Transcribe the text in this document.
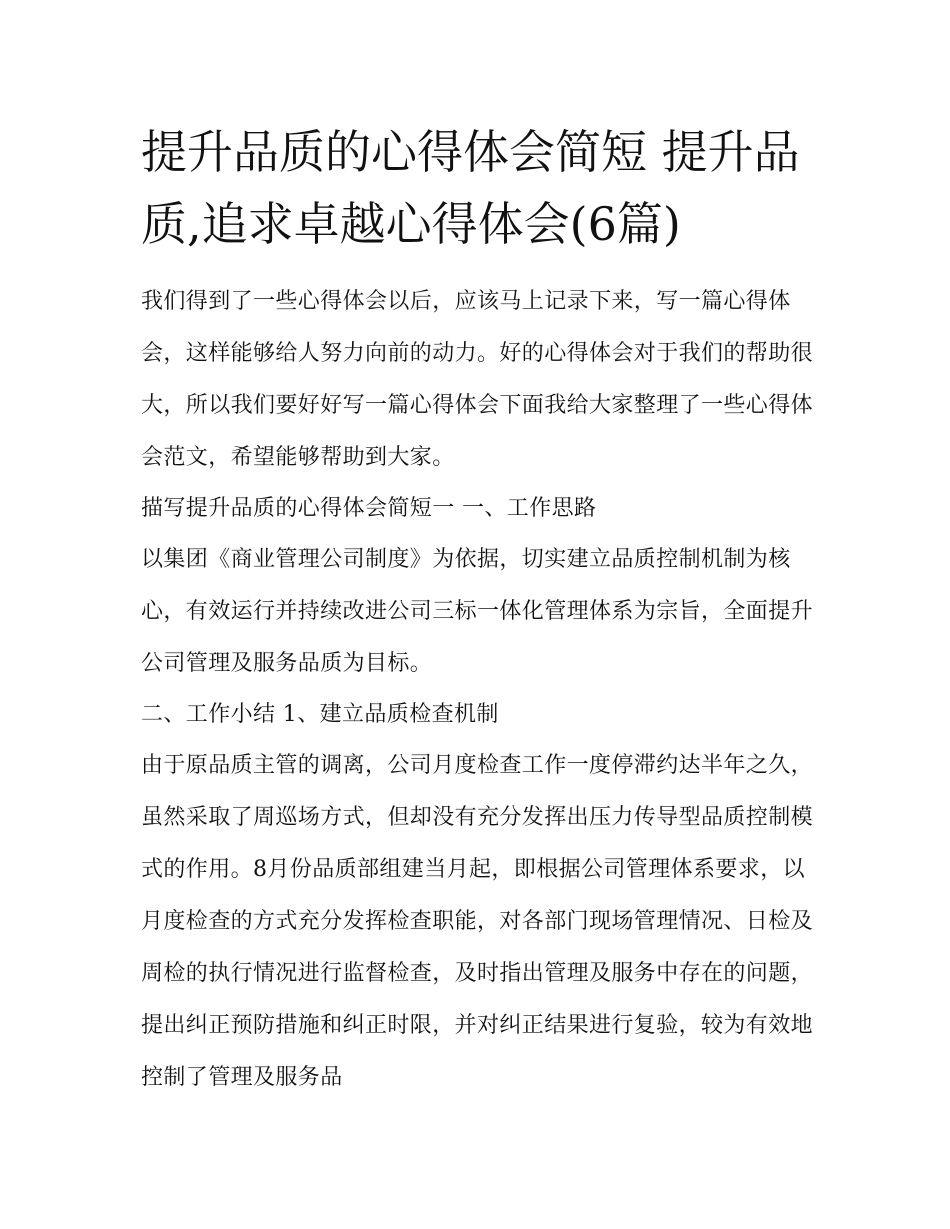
提升品质的心得体会简短 提升品质,追求卓越心得体会(6篇)

我们得到了一些心得体会以后，应该马上记录下来，写一篇心得体会，这样能够给人努力向前的动力。好的心得体会对于我们的帮助很大，所以我们要好好写一篇心得体会下面我给大家整理了一些心得体会范文，希望能够帮助到大家。

描写提升品质的心得体会简短一 一、工作思路

以集团《商业管理公司制度》为依据，切实建立品质控制机制为核心，有效运行并持续改进公司三标一体化管理体系为宗旨，全面提升公司管理及服务品质为目标。

二、工作小结 1、建立品质检查机制

由于原品质主管的调离，公司月度检查工作一度停滞约达半年之久，虽然采取了周巡场方式，但却没有充分发挥出压力传导型品质控制模式的作用。8月份品质部组建当月起，即根据公司管理体系要求，以月度检查的方式充分发挥检查职能，对各部门现场管理情况、日检及周检的执行情况进行监督检查，及时指出管理及服务中存在的问题，提出纠正预防措施和纠正时限，并对纠正结果进行复验，较为有效地控制了管理及服务品
